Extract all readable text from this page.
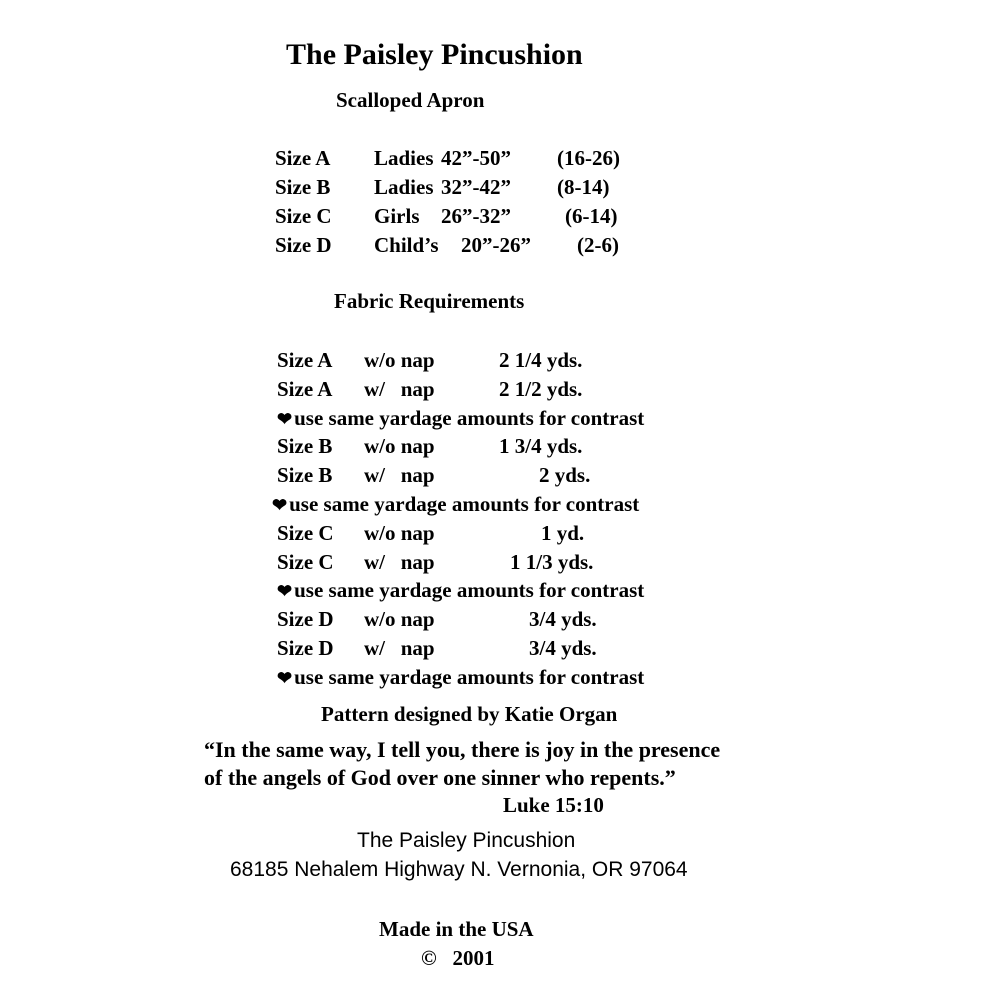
The Paisley Pincushion
Scalloped Apron
Size A Ladies 42”-50” (16-26)
Size B Ladies 32”-42” (8-14)
Size C Girls 26”-32”	(6-14)
Size D Child’s 20”-26” (2-6)
Fabric Requirements
Size A w/o nap	2 1/4 yds.
Size A w/   nap	2 1/2 yds.
❤use same yardage amounts for contrast
Size B w/o nap	1 3/4 yds.
Size B w/   nap	2 yds.
❤use same yardage amounts for contrast
Size C w/o nap	1 yd.
Size C w/   nap	1 1/3 yds.
❤use same yardage amounts for contrast
Size D w/o nap	3/4 yds.
Size D w/   nap	3/4 yds.
❤use same yardage amounts for contrast
Pattern designed by Katie Organ
“In the same way, I tell you, there is joy in the presence
of the angels of God over one sinner who repents.”
Luke 15:10
The Paisley Pincushion
68185 Nehalem Highway N. Vernonia, OR 97064
Made in the USA
©   2001
